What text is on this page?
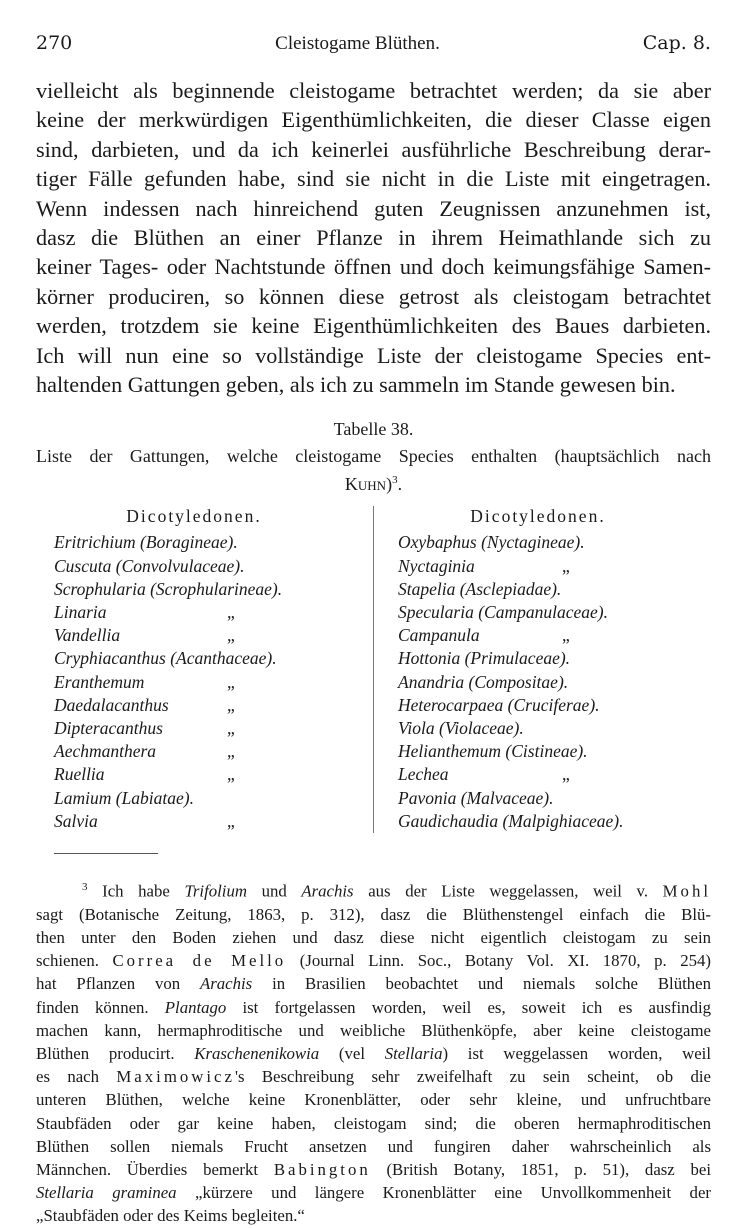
270	Cleistogame Blüthen.	Cap. 8.
vielleicht als beginnende cleistogame betrachtet werden; da sie aber
keine der merkwürdigen Eigenthümlichkeiten, die dieser Classe eigen
sind, darbieten, und da ich keinerlei ausführliche Beschreibung derar-
tiger Fälle gefunden habe, sind sie nicht in die Liste mit eingetragen.
Wenn indessen nach hinreichend guten Zeugnissen anzunehmen ist,
dasz die Blüthen an einer Pflanze in ihrem Heimathlande sich zu
keiner Tages- oder Nachtstunde öffnen und doch keimungsfähige Samen-
körner produciren, so können diese getrost als cleistogam betrachtet
werden, trotzdem sie keine Eigenthümlichkeiten des Baues darbieten.
Ich will nun eine so vollständige Liste der cleistogame Species ent-
haltenden Gattungen geben, als ich zu sammeln im Stande gewesen bin.
Tabelle 38.
Liste der Gattungen, welche cleistogame Species enthalten (hauptsächlich nach
Kuhn)$^3$.
Dicotyledonen.
Eritrichium (Boragineae).
Cuscuta (Convolvulaceae).
Scrophularia (Scrophularineae).
Linaria	„
Vandellia	„
Cryphiacanthus (Acanthaceae).
Eranthemum	„
Daedalacanthus	„
Dipteracanthus	„
Aechmanthera	„
Ruellia	„
Lamium (Labiatae).
Salvia	„
Dicotyledonen.
Oxybaphus (Nyctagineae).
Nyctaginia	„
Stapelia (Asclepiadae).
Specularia (Campanulaceae).
Campanula	„
Hottonia (Primulaceae).
Anandria (Compositae).
Heterocarpaea (Cruciferae).
Viola (Violaceae).
Helianthemum (Cistineae).
Lechea	„
Pavonia (Malvaceae).
Gaudichaudia (Malpighiaceae).
$^3$ Ich habe Trifolium und Arachis aus der Liste weggelassen, weil v. Mohl
sagt (Botanische Zeitung, 1863, p. 312), dasz die Blüthenstengel einfach die Blü-
then unter den Boden ziehen und dasz diese nicht eigentlich cleistogam zu sein
schienen. Correa de Mello (Journal Linn. Soc., Botany Vol. XI. 1870, p. 254)
hat Pflanzen von Arachis in Brasilien beobachtet und niemals solche Blüthen
finden können. Plantago ist fortgelassen worden, weil es, soweit ich es ausfindig
machen kann, hermaphroditische und weibliche Blüthenköpfe, aber keine cleistogame
Blüthen producirt. Kraschenenikowia (vel Stellaria) ist weggelassen worden, weil
es nach Maximowicz's Beschreibung sehr zweifelhaft zu sein scheint, ob die
unteren Blüthen, welche keine Kronenblätter, oder sehr kleine, und unfruchtbare
Staubfäden oder gar keine haben, cleistogam sind; die oberen hermaphroditischen
Blüthen sollen niemals Frucht ansetzen und fungiren daher wahrscheinlich als
Männchen. Überdies bemerkt Babington (British Botany, 1851, p. 51), dasz bei
Stellaria graminea „kürzere und längere Kronenblätter eine Unvollkommenheit der
„Staubfäden oder des Keims begleiten.“
